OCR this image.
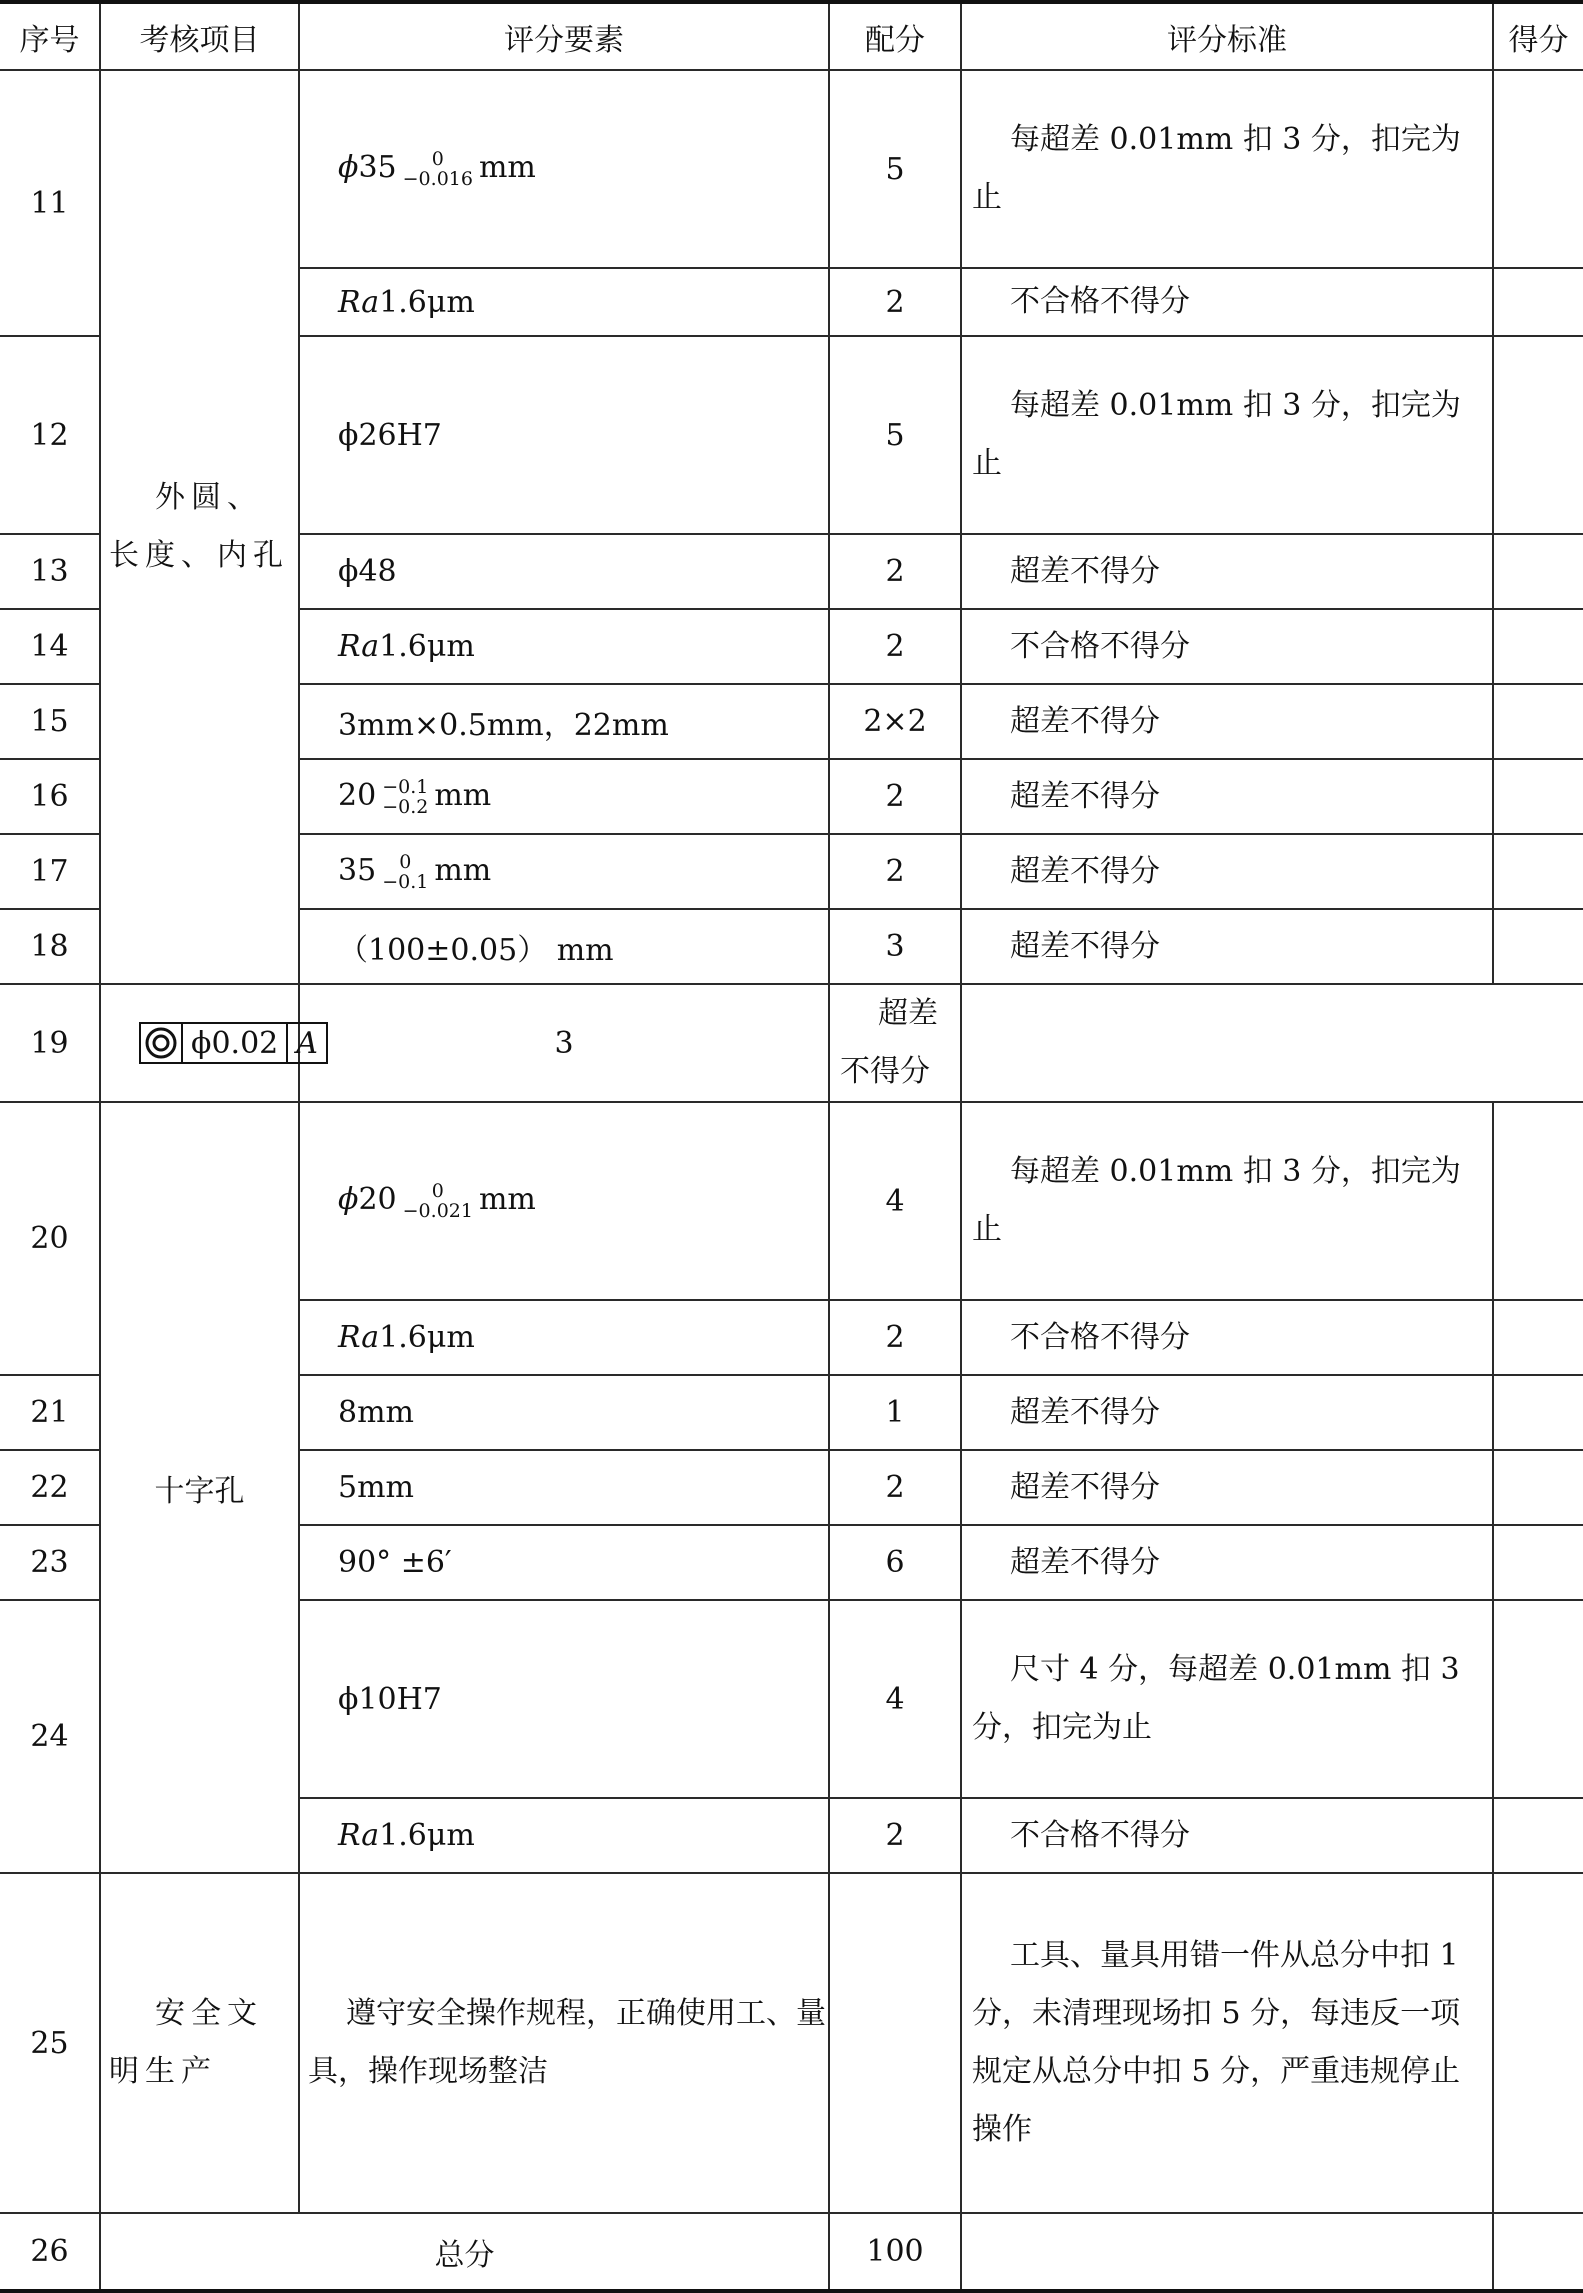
序号	考核项目	评分要素	配分	评分标准	得分
11	外圆、长度、内孔	ϕ35 0
−0.016 mm	5	每超差 0.01mm 扣 3 分，扣完为止	
		Ra1.6μm	2	不合格不得分	
12		ϕ26H7	5	每超差 0.01mm 扣 3 分，扣完为止	
13		ϕ48	2	超差不得分	
14		Ra1.6μm	2	不合格不得分	
15		3mm×0.5mm，22mm	2×2	超差不得分	
16		20 −0.1
−0.2 mm	2	超差不得分	
17		35 0
−0.1 mm	2	超差不得分	
18		（100±0.05） mm	3	超差不得分	
19	ϕ0.02 A	3	超差不得分		
20	十字孔	ϕ20 0
−0.021 mm	4	每超差 0.01mm 扣 3 分，扣完为止	
		Ra1.6μm	2	不合格不得分	
21		8mm	1	超差不得分	
22		5mm	2	超差不得分	
23		90° ±6′	6	超差不得分	
24		ϕ10H7	4	尺寸 4 分，每超差 0.01mm 扣 3 分，扣完为止	
		Ra1.6μm	2	不合格不得分	
25	安全文明生产	遵守安全操作规程，正确使用工、量具，操作现场整洁		工具、量具用错一件从总分中扣 1 分，未清理现场扣 5 分，每违反一项规定从总分中扣 5 分，严重违规停止操作	
26	总分		100		
